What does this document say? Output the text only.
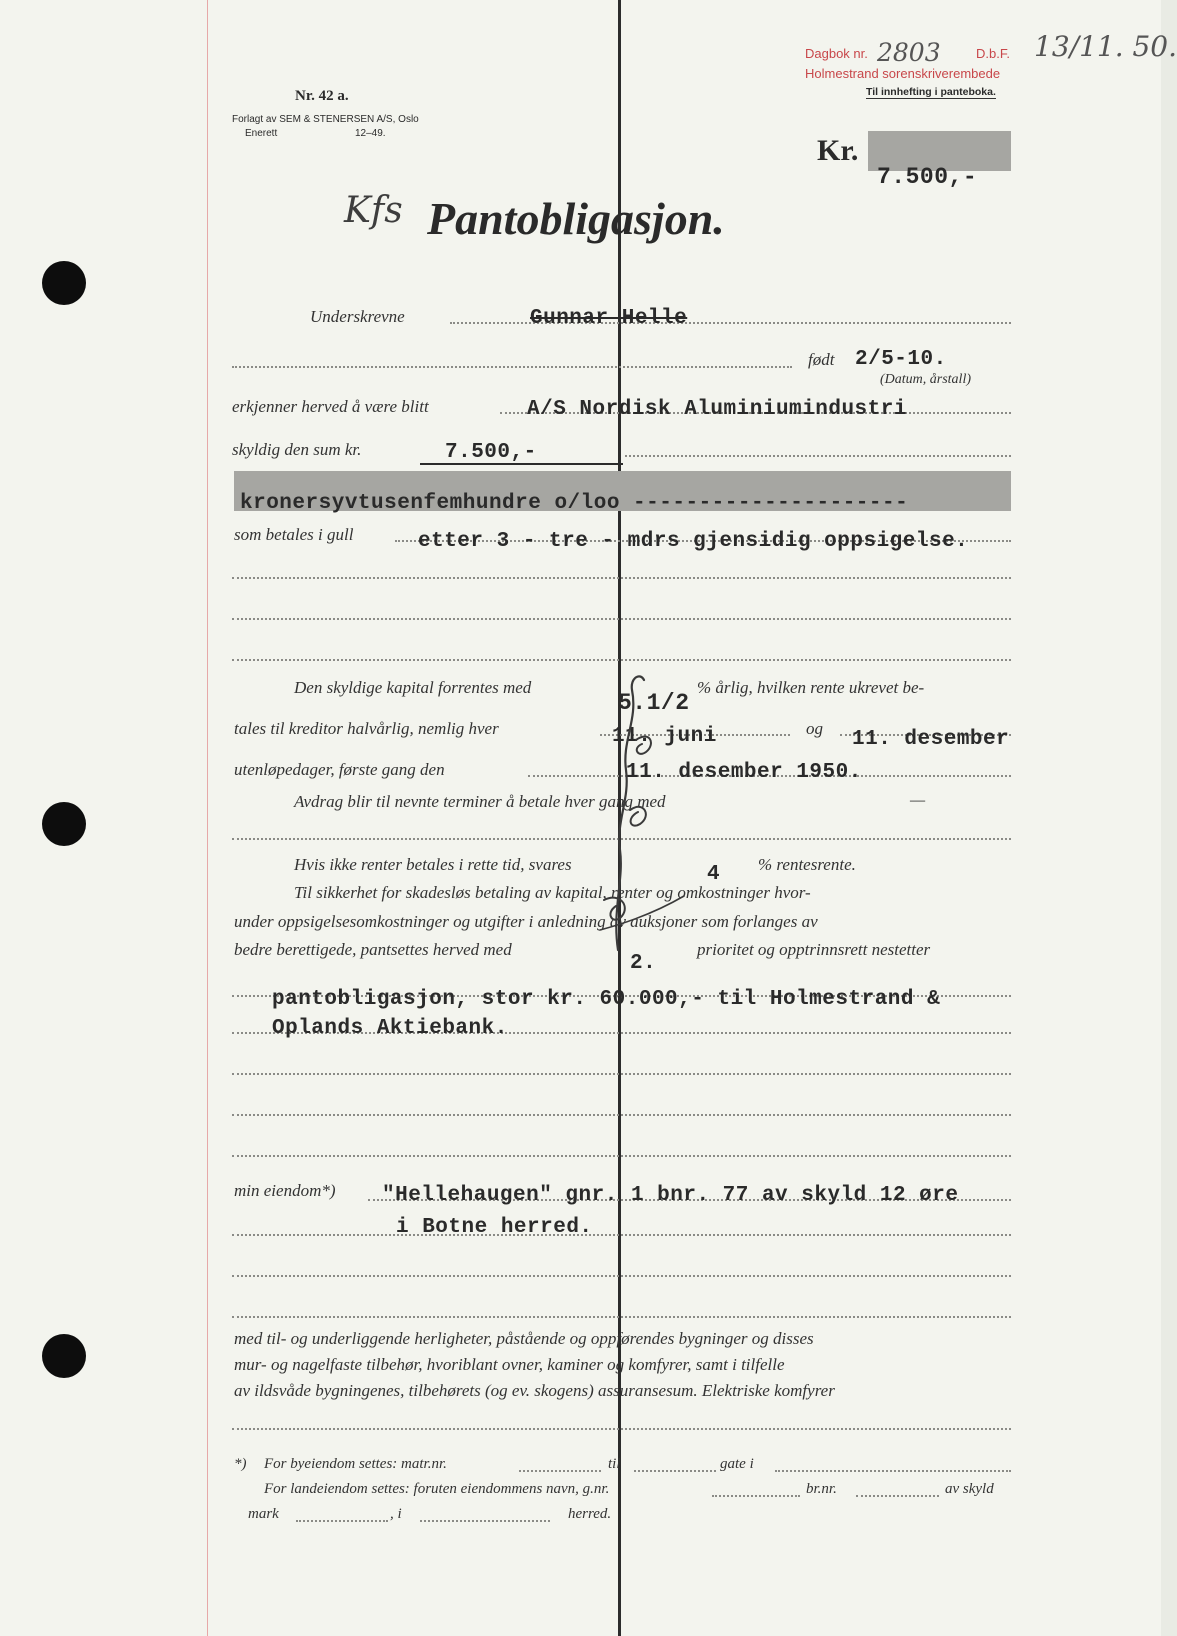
Nr. 42 a.
Forlagt av SEM & STENERSEN A/S, Oslo
Enerett	12–49.
Dagbok nr. 2803	D.b.F. 13/11. 50.
Holmestrand sorenskriverembede
Til innhefting i panteboka.
Kr.
7.500,-
Kfs Pantobligasjon.
Underskrevne	Gunnar Helle
født 2/5-10.
(Datum, årstall)
erkjenner herved å være blitt	A/S Nordisk Aluminiumindustri
skyldig den sum kr.	7.500,-
kronersyvtusenfemhundre o/loo ---------------------
som betales i gull	etter 3 - tre - mdrs gjensidig oppsigelse.
Den skyldige kapital forrentes med
5.1/2
% årlig, hvilken rente ukrevet be-
tales til kreditor halvårlig, nemlig hver	11. juni	og 11. desember
utenløpedager, første gang den	11. desember 1950.
Avdrag blir til nevnte terminer å betale hver gang med	—
Hvis ikke renter betales i rette tid, svares	4 % rentesrente.
Til sikkerhet for skadesløs betaling av kapital, renter og omkostninger hvor-
under oppsigelsesomkostninger og utgifter i anledning av auksjoner som forlanges av
bedre berettigede, pantsettes herved med
2.
prioritet og opptrinnsrett nestetter
pantobligasjon, stor kr. 60.000,- til Holmestrand &
Oplands Aktiebank.
min eiendom*) "Hellehaugen" gnr. 1 bnr. 77 av skyld 12 øre
i Botne herred.
med til- og underliggende herligheter, påstående og oppførendes bygninger og disses
mur- og nagelfaste tilbehør, hvoriblant ovner, kaminer og komfyrer, samt i tilfelle
av ildsvåde bygningenes, tilbehørets (og ev. skogens) assuransesum. Elektriske komfyrer
*) For byeiendom settes: matr.nr.	til	gate i
For landeiendom settes: foruten eiendommens navn, g.nr.	br.nr.	av skyld
mark	, i	herred.
